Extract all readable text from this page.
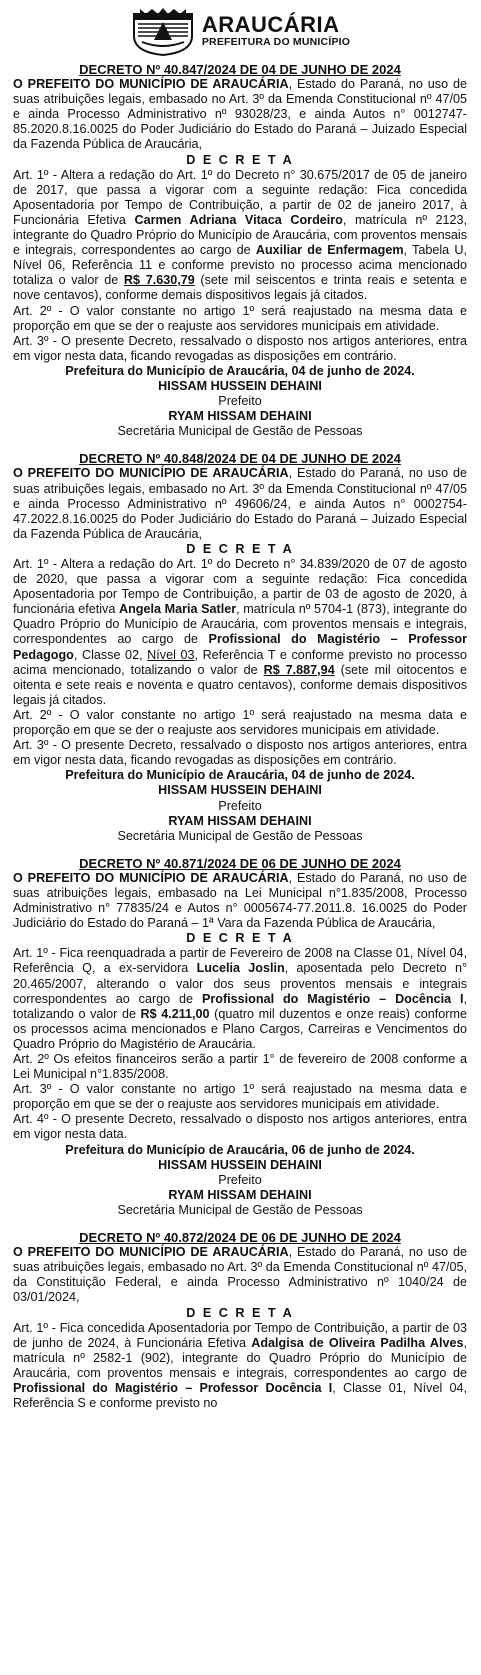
ARAUCÁRIA
PREFEITURA DO MUNICÍPIO
DECRETO Nº 40.847/2024 DE 04 DE JUNHO DE 2024

O PREFEITO DO MUNICÍPIO DE ARAUCÁRIA, Estado do Paraná, no uso de suas atribuições legais, embasado no Art. 3º da Emenda Constitucional nº 47/05 e ainda Processo Administrativo nº 93028/23, e ainda Autos n° 0012747-85.2020.8.16.0025 do Poder Judiciário do Estado do Paraná – Juizado Especial da Fazenda Pública de Araucária,

D E C R E T A

Art. 1º - Altera a redação do Art. 1º do Decreto n° 30.675/2017 de 05 de janeiro de 2017, que passa a vigorar com a seguinte redação: Fica concedida Aposentadoria por Tempo de Contribuição, a partir de 02 de janeiro 2017, à Funcionária Efetiva Carmen Adriana Vitaca Cordeiro, matrícula nº 2123, integrante do Quadro Próprio do Município de Araucária, com proventos mensais e integrais, correspondentes ao cargo de Auxiliar de Enfermagem, Tabela U, Nível 06, Referência 11 e conforme previsto no processo acima mencionado totaliza o valor de R$ 7.630,79 (sete mil seiscentos e trinta reais e setenta e nove centavos), conforme demais dispositivos legais já citados.

Art. 2º - O valor constante no artigo 1º será reajustado na mesma data e proporção em que se der o reajuste aos servidores municipais em atividade.

Art. 3º - O presente Decreto, ressalvado o disposto nos artigos anteriores, entra em vigor nesta data, ficando revogadas as disposições em contrário.

Prefeitura do Município de Araucária, 04 de junho de 2024.

HISSAM HUSSEIN DEHAINI

Prefeito

RYAM HISSAM DEHAINI

Secretária Municipal de Gestão de Pessoas

DECRETO Nº 40.848/2024 DE 04 DE JUNHO DE 2024

O PREFEITO DO MUNICÍPIO DE ARAUCÁRIA, Estado do Paraná, no uso de suas atribuições legais, embasado no Art. 3º da Emenda Constitucional nº 47/05 e ainda Processo Administrativo nº 49606/24, e ainda Autos n° 0002754-47.2022.8.16.0025 do Poder Judiciário do Estado do Paraná – Juizado Especial da Fazenda Pública de Araucária,

D E C R E T A

Art. 1º - Altera a redação do Art. 1º do Decreto n° 34.839/2020 de 07 de agosto de 2020, que passa a vigorar com a seguinte redação: Fica concedida Aposentadoria por Tempo de Contribuição, a partir de 03 de agosto de 2020, à funcionária efetiva Angela Maria Satler, matrícula nº 5704-1 (873), integrante do Quadro Próprio do Município de Araucária, com proventos mensais e integrais, correspondentes ao cargo de Profissional do Magistério – Professor Pedagogo, Classe 02, Nível 03, Referência T e conforme previsto no processo acima mencionado, totalizando o valor de R$ 7.887,94 (sete mil oitocentos e oitenta e sete reais e noventa e quatro centavos), conforme demais dispositivos legais já citados.

Art. 2º - O valor constante no artigo 1º será reajustado na mesma data e proporção em que se der o reajuste aos servidores municipais em atividade.

Art. 3º - O presente Decreto, ressalvado o disposto nos artigos anteriores, entra em vigor nesta data, ficando revogadas as disposições em contrário.

Prefeitura do Município de Araucária, 04 de junho de 2024.

HISSAM HUSSEIN DEHAINI

Prefeito

RYAM HISSAM DEHAINI

Secretária Municipal de Gestão de Pessoas

DECRETO Nº 40.871/2024 DE 06 DE JUNHO DE 2024

O PREFEITO DO MUNICÍPIO DE ARAUCÁRIA, Estado do Paraná, no uso de suas atribuições legais, embasado na Lei Municipal n°1.835/2008, Processo Administrativo n° 77835/24 e Autos n° 0005674-77.2011.8. 16.0025 do Poder Judiciário do Estado do Paraná – 1ª Vara da Fazenda Pública de Araucária,

D E C R E T A

Art. 1º - Fica reenquadrada a partir de Fevereiro de 2008 na Classe 01, Nível 04, Referência Q, a ex-servidora Lucelia Joslin, aposentada pelo Decreto n° 20.465/2007, alterando o valor dos seus proventos mensais e integrais correspondentes ao cargo de Profissional do Magistério – Docência I, totalizando o valor de R$ 4.211,00 (quatro mil duzentos e onze reais) conforme os processos acima mencionados e Plano Cargos, Carreiras e Vencimentos do Quadro Próprio do Magistério de Araucária.

Art. 2º Os efeitos financeiros serão a partir 1° de fevereiro de 2008 conforme a Lei Municipal n°1.835/2008.

Art. 3º - O valor constante no artigo 1º será reajustado na mesma data e proporção em que se der o reajuste aos servidores municipais em atividade.

Art. 4º - O presente Decreto, ressalvado o disposto nos artigos anteriores, entra em vigor nesta data.

Prefeitura do Município de Araucária, 06 de junho de 2024.

HISSAM HUSSEIN DEHAINI

Prefeito

RYAM HISSAM DEHAINI

Secretária Municipal de Gestão de Pessoas

DECRETO Nº 40.872/2024 DE 06 DE JUNHO DE 2024

O PREFEITO DO MUNICÍPIO DE ARAUCÁRIA, Estado do Paraná, no uso de suas atribuições legais, embasado no Art. 3º da Emenda Constitucional nº 47/05, da Constituição Federal, e ainda Processo Administrativo nº 1040/24 de 03/01/2024,

D E C R E T A

Art. 1º - Fica concedida Aposentadoria por Tempo de Contribuição, a partir de 03 de junho de 2024, à Funcionária Efetiva Adalgisa de Oliveira Padilha Alves, matrícula nº 2582-1 (902), integrante do Quadro Próprio do Município de Araucária, com proventos mensais e integrais, correspondentes ao cargo de Profissional do Magistério – Professor Docência I, Classe 01, Nível 04, Referência S e conforme previsto no
